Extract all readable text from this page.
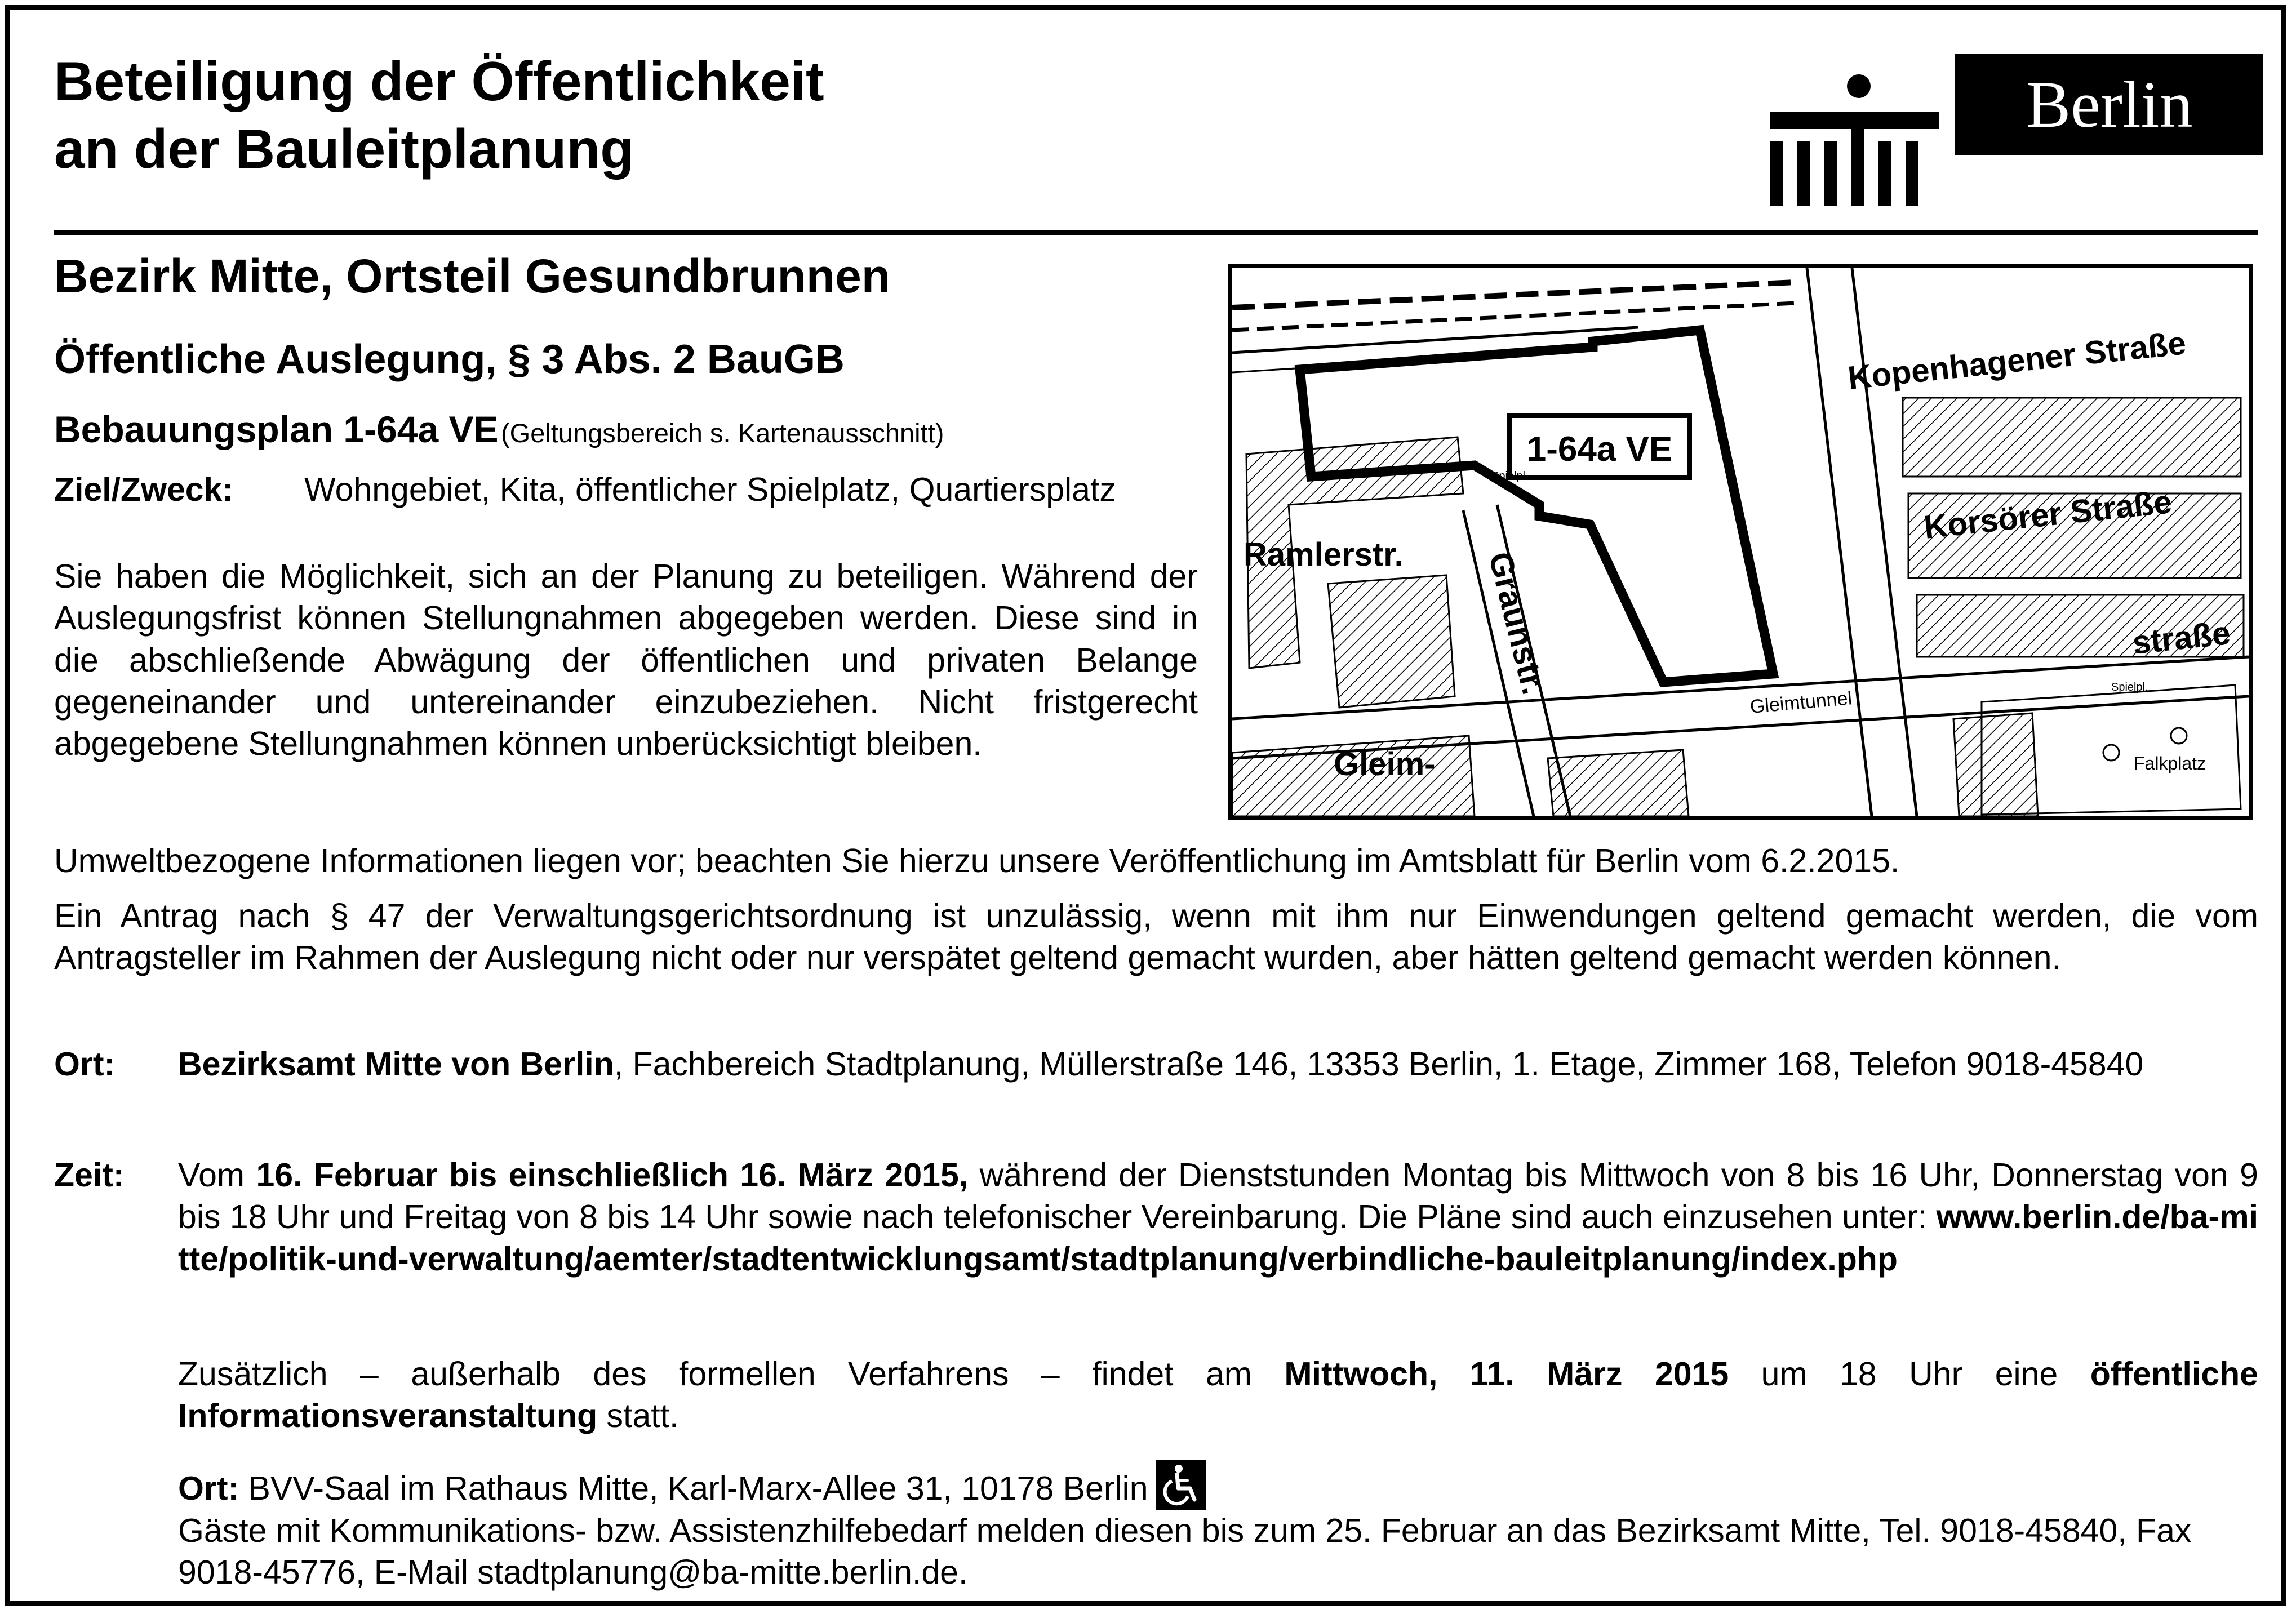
Beteiligung der Öffentlichkeit
an der Bauleitplanung
Berlin
Bezirk Mitte, Ortsteil Gesundbrunnen
Öffentliche Auslegung, § 3 Abs. 2 BauGB

Bebauungsplan 1-64a VE (Geltungsbereich s. Kartenausschnitt)

Ziel/Zweck: Wohngebiet, Kita, öffentlicher Spielplatz, Quartiersplatz

Sie haben die Möglichkeit, sich an der Planung zu beteiligen. Während der Auslegungsfrist können Stellungnahmen abgegeben werden. Diese sind in die abschließende Abwägung der öffentlichen und privaten Belange gegeneinander und untereinander einzubeziehen. Nicht fristgerecht abgegebene Stellungnahmen können unberücksichtigt bleiben.

Umweltbezogene Informationen liegen vor; beachten Sie hierzu unsere Veröffentlichung im Amtsblatt für Berlin vom 6.2.2015.

Ein Antrag nach § 47 der Verwaltungsgerichtsordnung ist unzulässig, wenn mit ihm nur Einwendungen geltend gemacht werden, die vom Antragsteller im Rahmen der Auslegung nicht oder nur verspätet geltend gemacht wurden, aber hätten geltend gemacht werden können.

Ort: Bezirksamt Mitte von Berlin, Fachbereich Stadtplanung, Müllerstraße 146, 13353 Berlin, 1. Etage, Zimmer 168, Telefon 9018-45840
Zeit: Vom 16. Februar bis einschließlich 16. März 2015, während der Dienststunden Montag bis Mittwoch von 8 bis 16 Uhr, Donnerstag von 9 bis 18 Uhr und Freitag von 8 bis 14 Uhr sowie nach telefonischer Vereinbarung. Die Pläne sind auch einzusehen unter: www.berlin.de/ba-mitte/politik-und-verwaltung/aemter/stadtentwicklungsamt/stadtplanung/verbindliche-bauleitplanung/index.php

Zusätzlich – außerhalb des formellen Verfahrens – findet am Mittwoch, 11. März 2015 um 18 Uhr eine öffentliche Informationsveranstaltung statt.

Ort: BVV-Saal im Rathaus Mitte, Karl-Marx-Allee 31, 10178 Berlin
Gäste mit Kommunikations- bzw. Assistenzhilfebedarf melden diesen bis zum 25. Februar an das Bezirksamt Mitte, Tel. 9018-45840, Fax 9018-45776, E-Mail stadtplanung@ba-mitte.berlin.de.
1-64a VE
Kopenhagener Straße
Korsörer Straße
straße
Ramlerstr. Graunstr.
Gleim-
Gleimtunnel
Falkplatz
Spielpl.
Spielpl.
